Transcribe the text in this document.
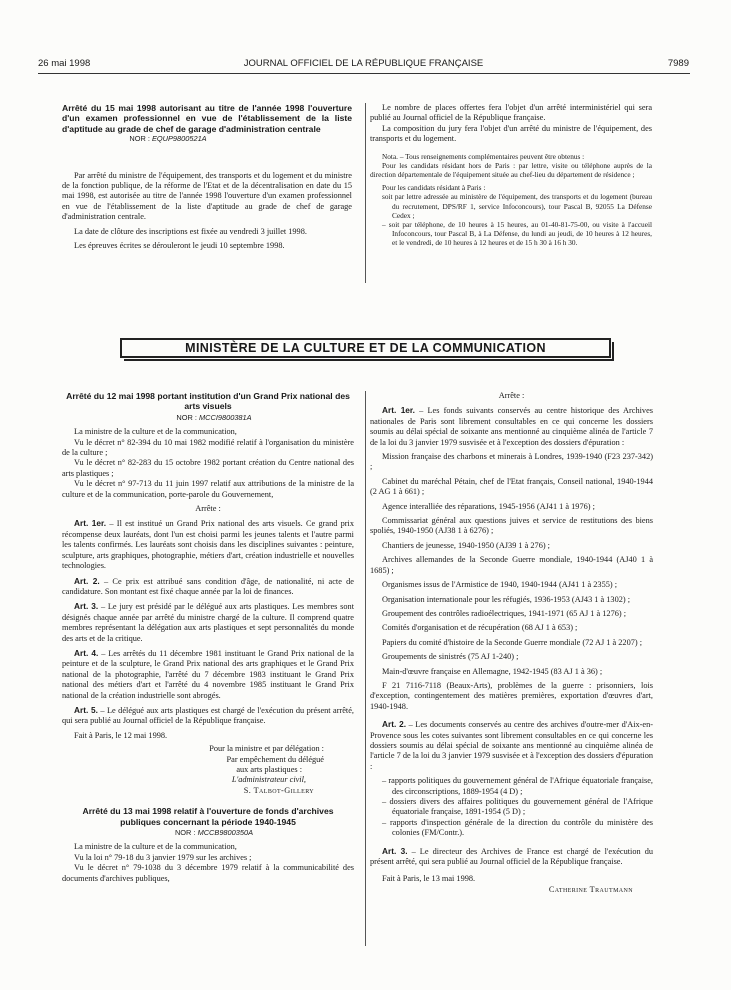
26 mai 1998	JOURNAL OFFICIEL DE LA RÉPUBLIQUE FRANÇAISE	7989

Arrêté du 15 mai 1998 autorisant au titre de l'année 1998 l'ouverture d'un examen professionnel en vue de l'établissement de la liste d'aptitude au grade de chef de garage d'administration centrale

NOR : EQUP9800521A

Par arrêté du ministre de l'équipement, des transports et du logement et du ministre de la fonction publique, de la réforme de l'Etat et de la décentralisation en date du 15 mai 1998, est autorisée au titre de l'année 1998 l'ouverture d'un examen professionnel en vue de l'établissement de la liste d'aptitude au grade de chef de garage d'administration centrale.

La date de clôture des inscriptions est fixée au vendredi 3 juillet 1998.

Les épreuves écrites se dérouleront le jeudi 10 septembre 1998.

Le nombre de places offertes fera l'objet d'un arrêté interministériel qui sera publié au Journal officiel de la République française.

La composition du jury fera l'objet d'un arrêté du ministre de l'équipement, des transports et du logement.

Nota. – Tous renseignements complémentaires peuvent être obtenus :

Pour les candidats résidant hors de Paris : par lettre, visite ou téléphone auprès de la direction départementale de l'équipement située au chef-lieu du département de résidence ;

Pour les candidats résidant à Paris :

soit par lettre adressée au ministère de l'équipement, des transports et du logement (bureau du recrutement, DPS/RF 1, service Infoconcours), tour Pascal B, 92055 La Défense Cedex ;

– soit par téléphone, de 10 heures à 15 heures, au 01-40-81-75-00, ou visite à l'accueil Infoconcours, tour Pascal B, à La Défense, du lundi au jeudi, de 10 heures à 12 heures, et le vendredi, de 10 heures à 12 heures et de 15 h 30 à 16 h 30.

MINISTÈRE DE LA CULTURE ET DE LA COMMUNICATION

Arrêté du 12 mai 1998 portant institution d'un Grand Prix national des arts visuels

NOR : MCCI9800381A

La ministre de la culture et de la communication,

Vu le décret n° 82-394 du 10 mai 1982 modifié relatif à l'organisation du ministère de la culture ;

Vu le décret n° 82-283 du 15 octobre 1982 portant création du Centre national des arts plastiques ;

Vu le décret n° 97-713 du 11 juin 1997 relatif aux attributions de la ministre de la culture et de la communication, porte-parole du Gouvernement,

Arrête :

Art. 1er. – Il est institué un Grand Prix national des arts visuels. Ce grand prix récompense deux lauréats, dont l'un est choisi parmi les jeunes talents et l'autre parmi les talents confirmés. Les lauréats sont choisis dans les disciplines suivantes : peinture, sculpture, arts graphiques, photographie, métiers d'art, création industrielle et nouvelles technologies.

Art. 2. – Ce prix est attribué sans condition d'âge, de nationalité, ni acte de candidature. Son montant est fixé chaque année par la loi de finances.

Art. 3. – Le jury est présidé par le délégué aux arts plastiques. Les membres sont désignés chaque année par arrêté du ministre chargé de la culture. Il comprend quatre membres représentant la délégation aux arts plastiques et sept personnalités du monde des arts et de la critique.

Art. 4. – Les arrêtés du 11 décembre 1981 instituant le Grand Prix national de la peinture et de la sculpture, le Grand Prix national des arts graphiques et le Grand Prix national de la photographie, l'arrêté du 7 décembre 1983 instituant le Grand Prix national des métiers d'art et l'arrêté du 4 novembre 1985 instituant le Grand Prix national de la création industrielle sont abrogés.

Art. 5. – Le délégué aux arts plastiques est chargé de l'exécution du présent arrêté, qui sera publié au Journal officiel de la République française.

Fait à Paris, le 12 mai 1998.

Pour la ministre et par délégation :

Par empêchement du délégué

aux arts plastiques :

L'administrateur civil,

S. Talbot-Gillery

Arrêté du 13 mai 1998 relatif à l'ouverture de fonds d'archives publiques concernant la période 1940-1945

NOR : MCCB9800350A

La ministre de la culture et de la communication,

Vu la loi n° 79-18 du 3 janvier 1979 sur les archives ;

Vu le décret n° 79-1038 du 3 décembre 1979 relatif à la communicabilité des documents d'archives publiques,

Arrête :

Art. 1er. – Les fonds suivants conservés au centre historique des Archives nationales de Paris sont librement consultables en ce qui concerne les dossiers soumis au délai spécial de soixante ans mentionné au cinquième alinéa de l'article 7 de la loi du 3 janvier 1979 susvisée et à l'exception des dossiers d'épuration :

Mission française des charbons et minerais à Londres, 1939-1940 (F23 237-342) ;

Cabinet du maréchal Pétain, chef de l'Etat français, Conseil national, 1940-1944 (2 AG 1 à 661) ;

Agence interalliée des réparations, 1945-1956 (AJ41 1 à 1976) ;

Commissariat général aux questions juives et service de restitutions des biens spoliés, 1940-1950 (AJ38 1 à 6276) ;

Chantiers de jeunesse, 1940-1950 (AJ39 1 à 276) ;

Archives allemandes de la Seconde Guerre mondiale, 1940-1944 (AJ40 1 à 1685) ;

Organismes issus de l'Armistice de 1940, 1940-1944 (AJ41 1 à 2355) ;

Organisation internationale pour les réfugiés, 1936-1953 (AJ43 1 à 1302) ;

Groupement des contrôles radioélectriques, 1941-1971 (65 AJ 1 à 1276) ;

Comités d'organisation et de récupération (68 AJ 1 à 653) ;

Papiers du comité d'histoire de la Seconde Guerre mondiale (72 AJ 1 à 2207) ;

Groupements de sinistrés (75 AJ 1-240) ;

Main-d'œuvre française en Allemagne, 1942-1945 (83 AJ 1 à 36) ;

F 21 7116-7118 (Beaux-Arts), problèmes de la guerre : prisonniers, lois d'exception, contingentement des matières premières, exportation d'œuvres d'art, 1940-1948.

Art. 2. – Les documents conservés au centre des archives d'outre-mer d'Aix-en-Provence sous les cotes suivantes sont librement consultables en ce qui concerne les dossiers soumis au délai spécial de soixante ans mentionné au cinquième alinéa de l'article 7 de la loi du 3 janvier 1979 susvisée et à l'exception des dossiers d'épuration :

– rapports politiques du gouvernement général de l'Afrique équatoriale française, des circonscriptions, 1889-1954 (4 D) ;

– dossiers divers des affaires politiques du gouvernement général de l'Afrique équatoriale française, 1891-1954 (5 D) ;

– rapports d'inspection générale de la direction du contrôle du ministère des colonies (FM/Contr.).

Art. 3. – Le directeur des Archives de France est chargé de l'exécution du présent arrêté, qui sera publié au Journal officiel de la République française.

Fait à Paris, le 13 mai 1998.

Catherine Trautmann
